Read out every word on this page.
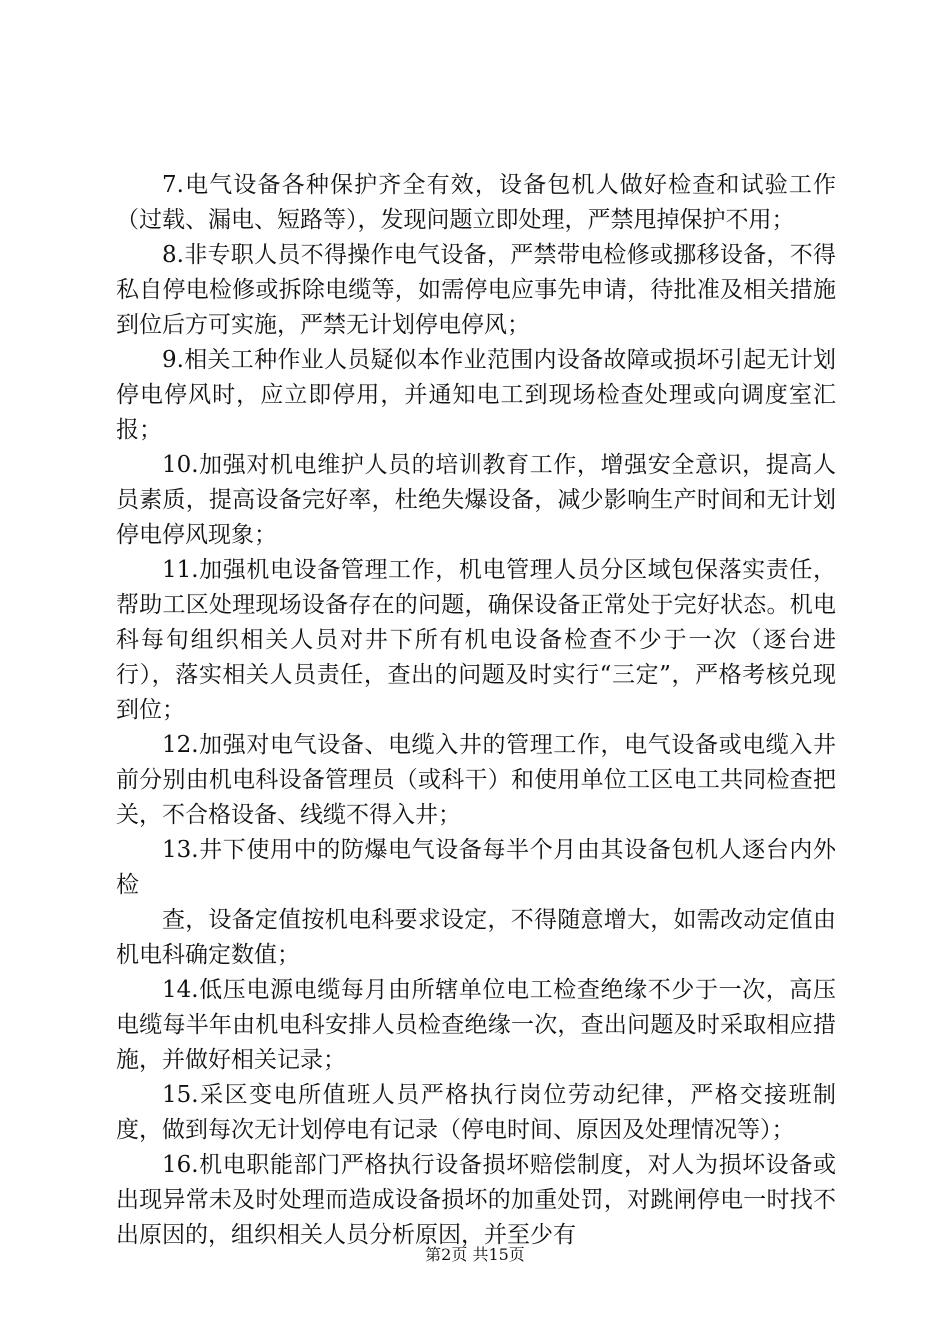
7.电气设备各种保护齐全有效，设备包机人做好检查和试验工作（过载、漏电、短路等），发现问题立即处理，严禁甩掉保护不用；

8.非专职人员不得操作电气设备，严禁带电检修或挪移设备，不得私自停电检修或拆除电缆等，如需停电应事先申请，待批准及相关措施到位后方可实施，严禁无计划停电停风；

9.相关工种作业人员疑似本作业范围内设备故障或损坏引起无计划停电停风时，应立即停用，并通知电工到现场检查处理或向调度室汇报；

10.加强对机电维护人员的培训教育工作，增强安全意识，提高人员素质，提高设备完好率，杜绝失爆设备，减少影响生产时间和无计划停电停风现象；

11.加强机电设备管理工作，机电管理人员分区域包保落实责任，帮助工区处理现场设备存在的问题，确保设备正常处于完好状态。机电科每旬组织相关人员对井下所有机电设备检查不少于一次（逐台进行），落实相关人员责任，查出的问题及时实行“三定”，严格考核兑现到位；

12.加强对电气设备、电缆入井的管理工作，电气设备或电缆入井前分别由机电科设备管理员（或科干）和使用单位工区电工共同检查把关，不合格设备、线缆不得入井；

13.井下使用中的防爆电气设备每半个月由其设备包机人逐台内外检

查，设备定值按机电科要求设定，不得随意增大，如需改动定值由机电科确定数值；

14.低压电源电缆每月由所辖单位电工检查绝缘不少于一次，高压电缆每半年由机电科安排人员检查绝缘一次，查出问题及时采取相应措施，并做好相关记录；

15.采区变电所值班人员严格执行岗位劳动纪律，严格交接班制度，做到每次无计划停电有记录（停电时间、原因及处理情况等）；

16.机电职能部门严格执行设备损坏赔偿制度，对人为损坏设备或出现异常未及时处理而造成设备损坏的加重处罚，对跳闸停电一时找不出原因的，组织相关人员分析原因，并至少有

第2页 共15页
